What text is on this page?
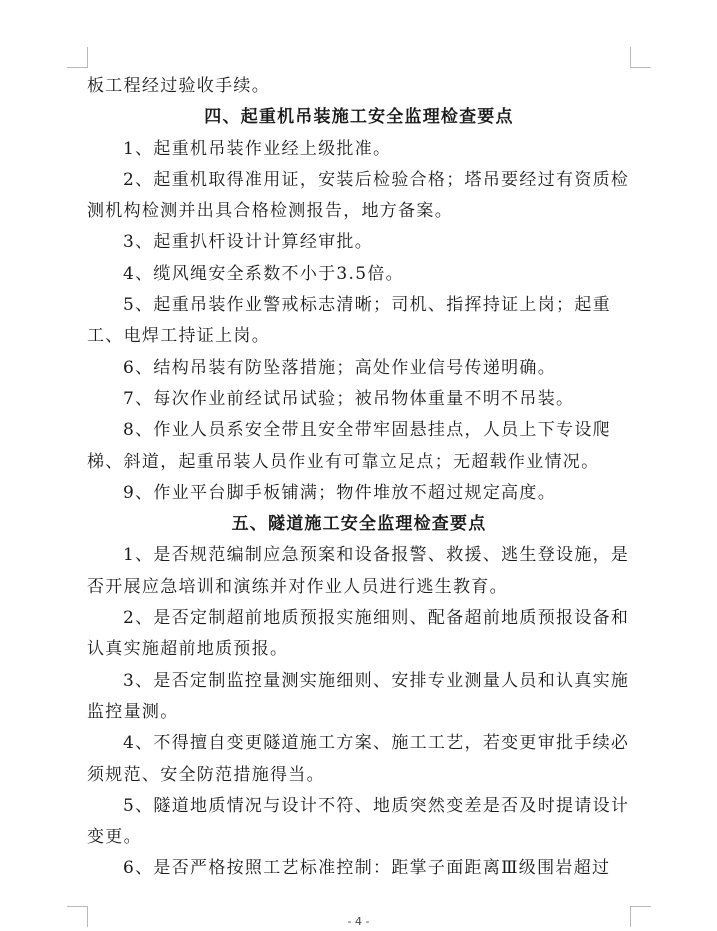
板工程经过验收手续。

四、起重机吊装施工安全监理检查要点

1、起重机吊装作业经上级批准。

2、起重机取得准用证，安装后检验合格；塔吊要经过有资质检测机构检测并出具合格检测报告，地方备案。

3、起重扒杆设计计算经审批。

4、缆风绳安全系数不小于3.5倍。

5、起重吊装作业警戒标志清晰；司机、指挥持证上岗；起重工、电焊工持证上岗。

6、结构吊装有防坠落措施；高处作业信号传递明确。

7、每次作业前经试吊试验；被吊物体重量不明不吊装。

8、作业人员系安全带且安全带牢固悬挂点，人员上下专设爬梯、斜道，起重吊装人员作业有可靠立足点；无超载作业情况。

9、作业平台脚手板铺满；物件堆放不超过规定高度。

五、隧道施工安全监理检查要点

1、是否规范编制应急预案和设备报警、救援、逃生登设施，是否开展应急培训和演练并对作业人员进行逃生教育。

2、是否定制超前地质预报实施细则、配备超前地质预报设备和认真实施超前地质预报。

3、是否定制监控量测实施细则、安排专业测量人员和认真实施监控量测。

4、不得擅自变更隧道施工方案、施工工艺，若变更审批手续必须规范、安全防范措施得当。

5、隧道地质情况与设计不符、地质突然变差是否及时提请设计变更。

6、是否严格按照工艺标准控制：距掌子面距离Ⅲ级围岩超过

- 4 -
